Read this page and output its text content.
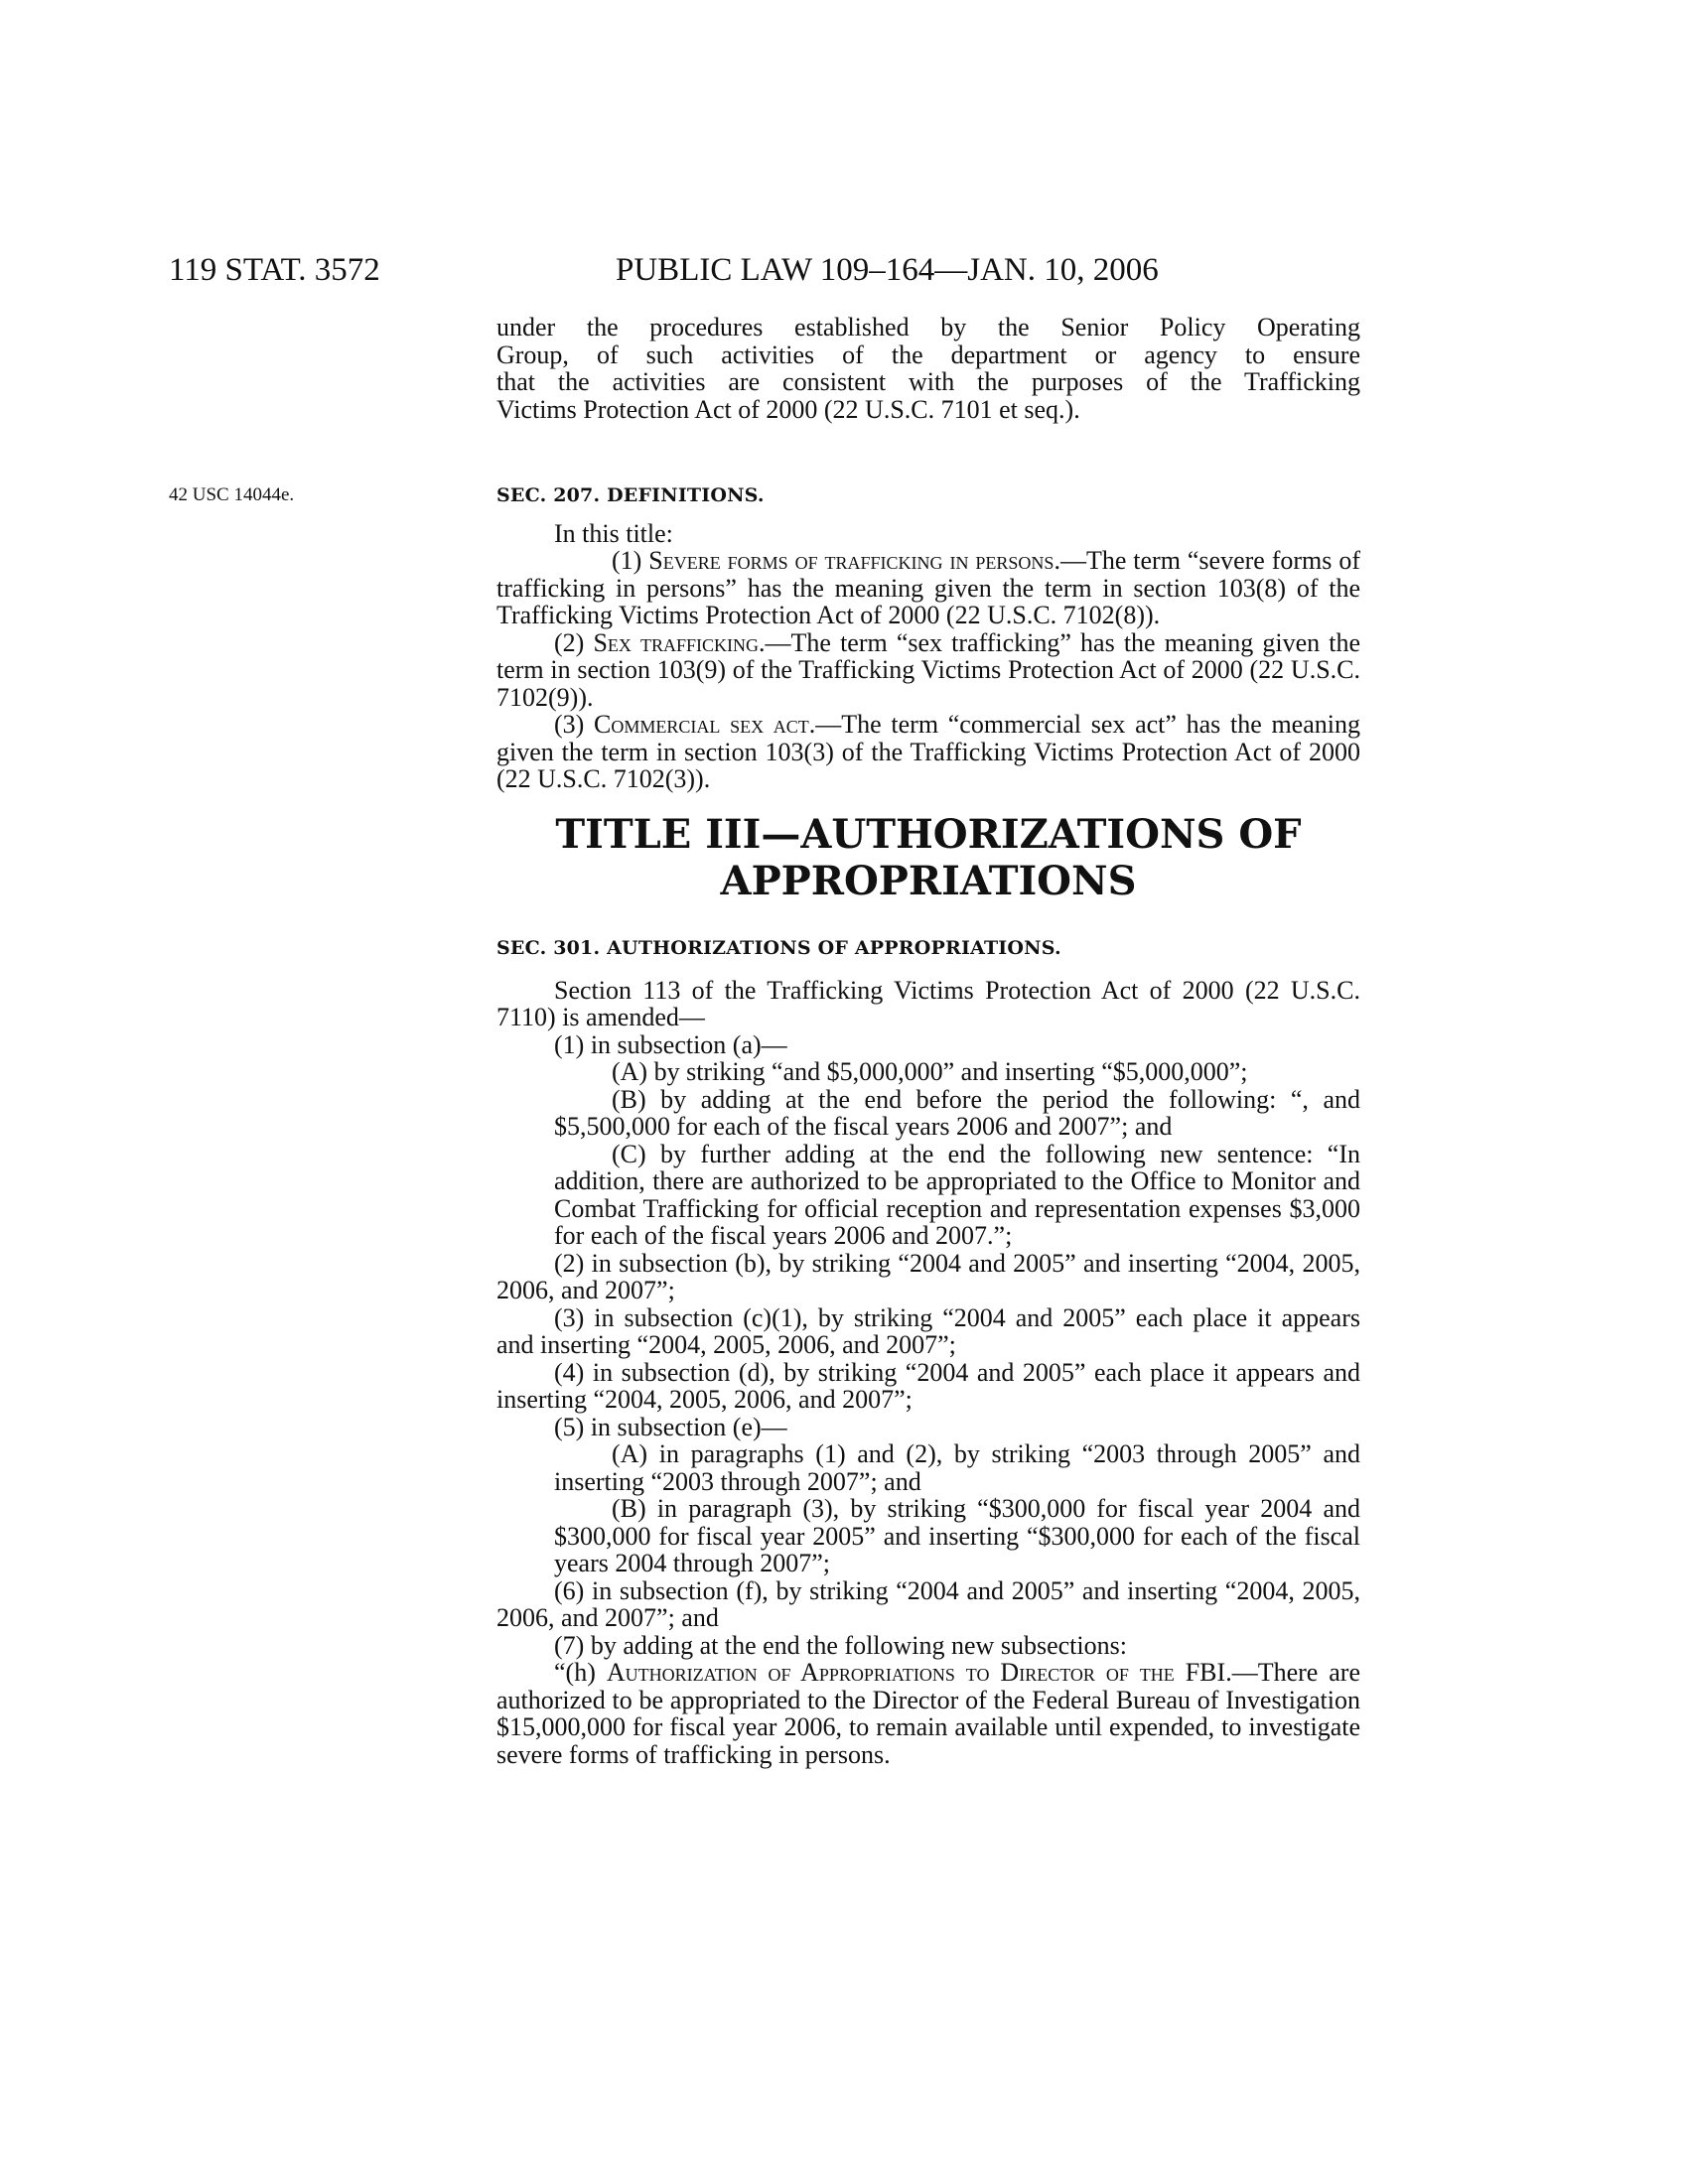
119 STAT. 3572	PUBLIC LAW 109–164—JAN. 10, 2006

under the procedures established by the Senior Policy Operating

Group, of such activities of the department or agency to ensure

that the activities are consistent with the purposes of the Trafficking

Victims Protection Act of 2000 (22 U.S.C. 7101 et seq.).

42 USC 14044e.	SEC. 207. DEFINITIONS.

In this title:

(1) Severe forms of trafficking in persons.—The term “severe forms of trafficking in persons” has the meaning given the term in section 103(8) of the Trafficking Victims Protection Act of 2000 (22 U.S.C. 7102(8)).

(2) Sex trafficking.—The term “sex trafficking” has the meaning given the term in section 103(9) of the Trafficking Victims Protection Act of 2000 (22 U.S.C. 7102(9)).

(3) Commercial sex act.—The term “commercial sex act” has the meaning given the term in section 103(3) of the Trafficking Victims Protection Act of 2000 (22 U.S.C. 7102(3)).

TITLE III—AUTHORIZATIONS OF
APPROPRIATIONS

SEC. 301. AUTHORIZATIONS OF APPROPRIATIONS.

Section 113 of the Trafficking Victims Protection Act of 2000 (22 U.S.C. 7110) is amended—

(1) in subsection (a)—

(A) by striking “and $5,000,000” and inserting “$5,000,000”;

(B) by adding at the end before the period the following: “, and $5,500,000 for each of the fiscal years 2006 and 2007”; and

(C) by further adding at the end the following new sentence: “In addition, there are authorized to be appropriated to the Office to Monitor and Combat Trafficking for official reception and representation expenses $3,000 for each of the fiscal years 2006 and 2007.”;

(2) in subsection (b), by striking “2004 and 2005” and inserting “2004, 2005, 2006, and 2007”;

(3) in subsection (c)(1), by striking “2004 and 2005” each place it appears and inserting “2004, 2005, 2006, and 2007”;

(4) in subsection (d), by striking “2004 and 2005” each place it appears and inserting “2004, 2005, 2006, and 2007”;

(5) in subsection (e)—

(A) in paragraphs (1) and (2), by striking “2003 through 2005” and inserting “2003 through 2007”; and

(B) in paragraph (3), by striking “$300,000 for fiscal year 2004 and $300,000 for fiscal year 2005” and inserting “$300,000 for each of the fiscal years 2004 through 2007”;

(6) in subsection (f), by striking “2004 and 2005” and inserting “2004, 2005, 2006, and 2007”; and

(7) by adding at the end the following new subsections:

“(h) Authorization of Appropriations to Director of the FBI.—There are authorized to be appropriated to the Director of the Federal Bureau of Investigation $15,000,000 for fiscal year 2006, to remain available until expended, to investigate severe forms of trafficking in persons.
